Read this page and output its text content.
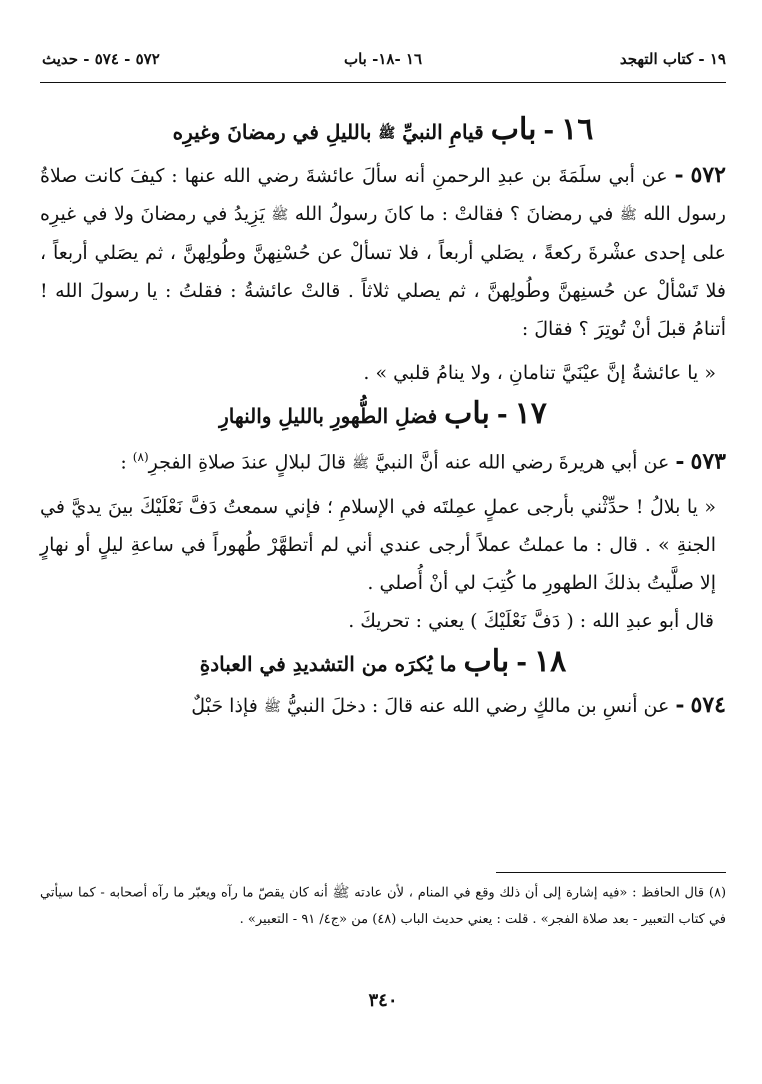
١٩ - كتاب التهجد
١٦ -١٨- باب
٥٧٢ - ٥٧٤ - حديث
١٦ - باب قيامِ النبيِّ ﷺ بالليلِ في رمضانَ وغيرِه

٥٧٢ - عن أبي سلَمَةَ بن عبدِ الرحمنِ أنه سألَ عائشةَ رضي الله عنها : كيفَ كانت صلاةُ رسول الله ﷺ في رمضانَ ؟ فقالتْ : ما كانَ رسولُ الله ﷺ يَزِيدُ في رمضانَ ولا في غيرِه على إحدى عشْرةَ ركعةً ، يصَلي أربعاً ، فلا تسألْ عن حُسْنِهنَّ وطُولِهنَّ ، ثم يصَلي أربعاً ، فلا تَسْألْ عن حُسنِهنَّ وطُولِهنَّ ، ثم يصلي ثلاثاً . قالتْ عائشةُ : فقلتُ : يا رسولَ الله ! أتنامُ قبلَ أنْ تُوتِرَ ؟ فقالَ :

« يا عائشةُ إنَّ عيْنَيَّ تنامانِ ، ولا ينامُ قلبي » .

١٧ - باب فضلِ الطُّهورِ بالليلِ والنهارِ

٥٧٣ - عن أبي هريرةَ رضي الله عنه أنَّ النبيَّ ﷺ قالَ لبلالٍ عندَ صلاةِ الفجرِ$^{(٨)}$ :

« يا بلالُ ! حدِّثْني بأرجى عملٍ عمِلتَه في الإسلامِ ؛ فإني سمعتُ دَفَّ نَعْلَيْكَ بينَ يديَّ في الجنةِ » . قال : ما عملتُ عملاً أرجى عندي أني لم أتطهَّرْ طُهوراً في ساعةِ ليلٍ أو نهارٍ إلا صلَّيتُ بذلكَ الطهورِ ما كُتِبَ لي أنْ أُصلي .

قال أبو عبدِ الله : ( دَفَّ نَعْلَيْكَ ) يعني : تحريكَ .

١٨ - باب ما يُكرَه من التشديدِ في العبادةِ

٥٧٤ - عن أنسِ بن مالكٍ رضي الله عنه قالَ : دخلَ النبيُّ ﷺ فإذا حَبْلٌ

(٨) قال الحافظ : «فيه إشارة إلى أن ذلك وقع في المنام ، لأن عادته ﷺ أنه كان يقصّ ما رآه ويعبّر ما رآه أصحابه - كما سيأتي في كتاب التعبير - بعد صلاة الفجر» . قلت : يعني حديث الباب (٤٨) من «ج٤/ ٩١ - التعبير» .
٣٤٠
